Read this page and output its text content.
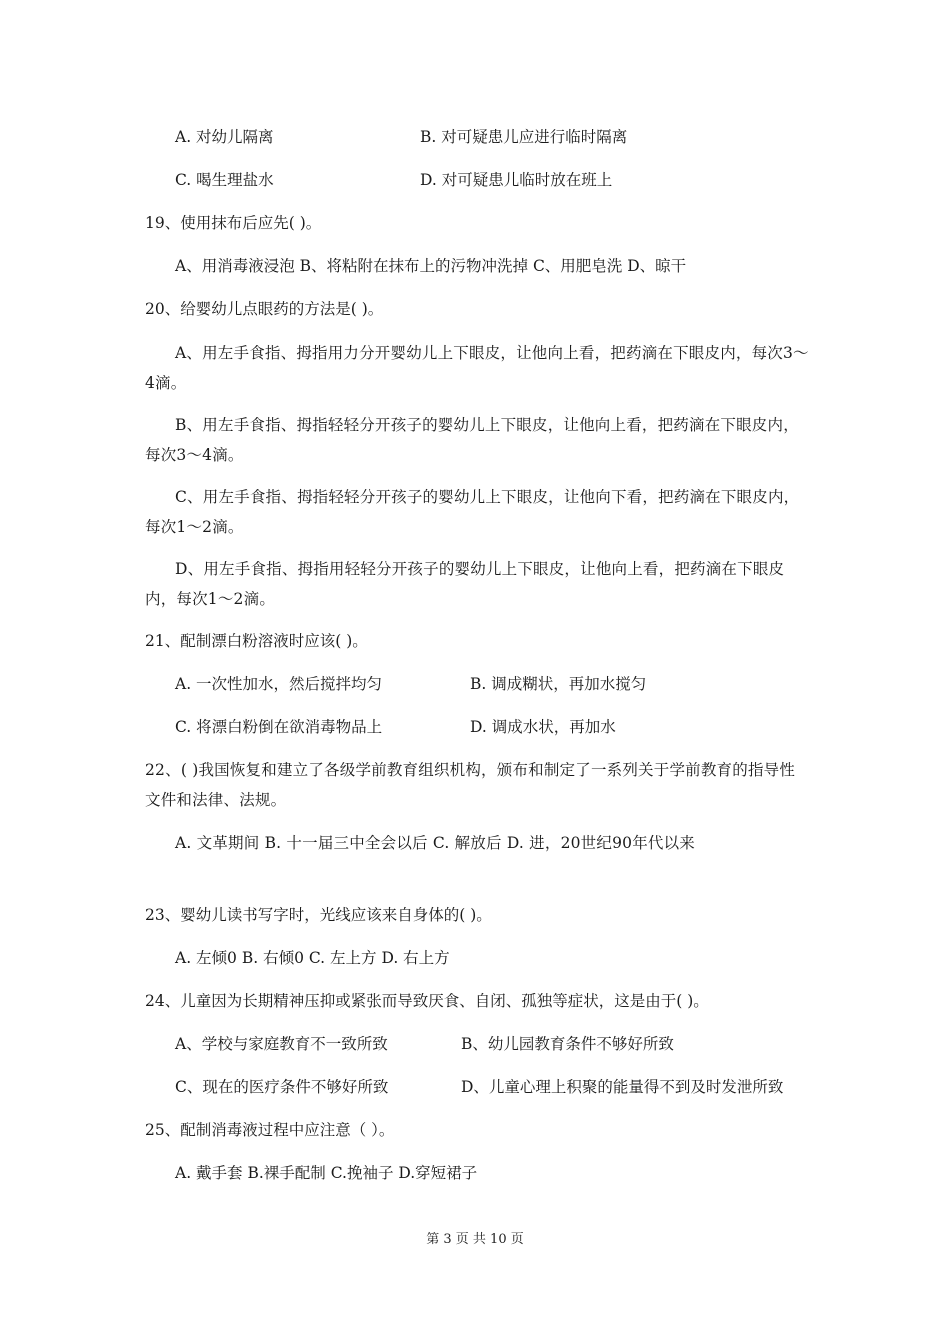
A. 对幼儿隔离	B. 对可疑患儿应进行临时隔离
C. 喝生理盐水	D. 对可疑患儿临时放在班上
19、使用抹布后应先( )。
A、用消毒液浸泡 B、将粘附在抹布上的污物冲洗掉 C、用肥皂洗 D、晾干
20、给婴幼儿点眼药的方法是( )。
A、用左手食指、拇指用力分开婴幼儿上下眼皮，让他向上看，把药滴在下眼皮内，每次3～4滴。
B、用左手食指、拇指轻轻分开孩子的婴幼儿上下眼皮，让他向上看，把药滴在下眼皮内，每次3～4滴。
C、用左手食指、拇指轻轻分开孩子的婴幼儿上下眼皮，让他向下看，把药滴在下眼皮内，每次1～2滴。
D、用左手食指、拇指用轻轻分开孩子的婴幼儿上下眼皮，让他向上看，把药滴在下眼皮内，每次1～2滴。
21、配制漂白粉溶液时应该( )。
A. 一次性加水，然后搅拌均匀	B. 调成糊状，再加水搅匀
C. 将漂白粉倒在欲消毒物品上	D. 调成水状，再加水
22、( )我国恢复和建立了各级学前教育组织机构，颁布和制定了一系列关于学前教育的指导性文件和法律、法规。
A. 文革期间 B. 十一届三中全会以后 C. 解放后 D. 进，20世纪90年代以来
23、婴幼儿读书写字时，光线应该来自身体的( )。
A. 左倾0 B. 右倾0 C. 左上方 D. 右上方
24、儿童因为长期精神压抑或紧张而导致厌食、自闭、孤独等症状，这是由于( )。
A、学校与家庭教育不一致所致	B、幼儿园教育条件不够好所致
C、现在的医疗条件不够好所致	D、儿童心理上积聚的能量得不到及时发泄所致
25、配制消毒液过程中应注意（ ）。
A. 戴手套 B.裸手配制 C.挽袖子 D.穿短裙子
第 3 页 共 10 页
